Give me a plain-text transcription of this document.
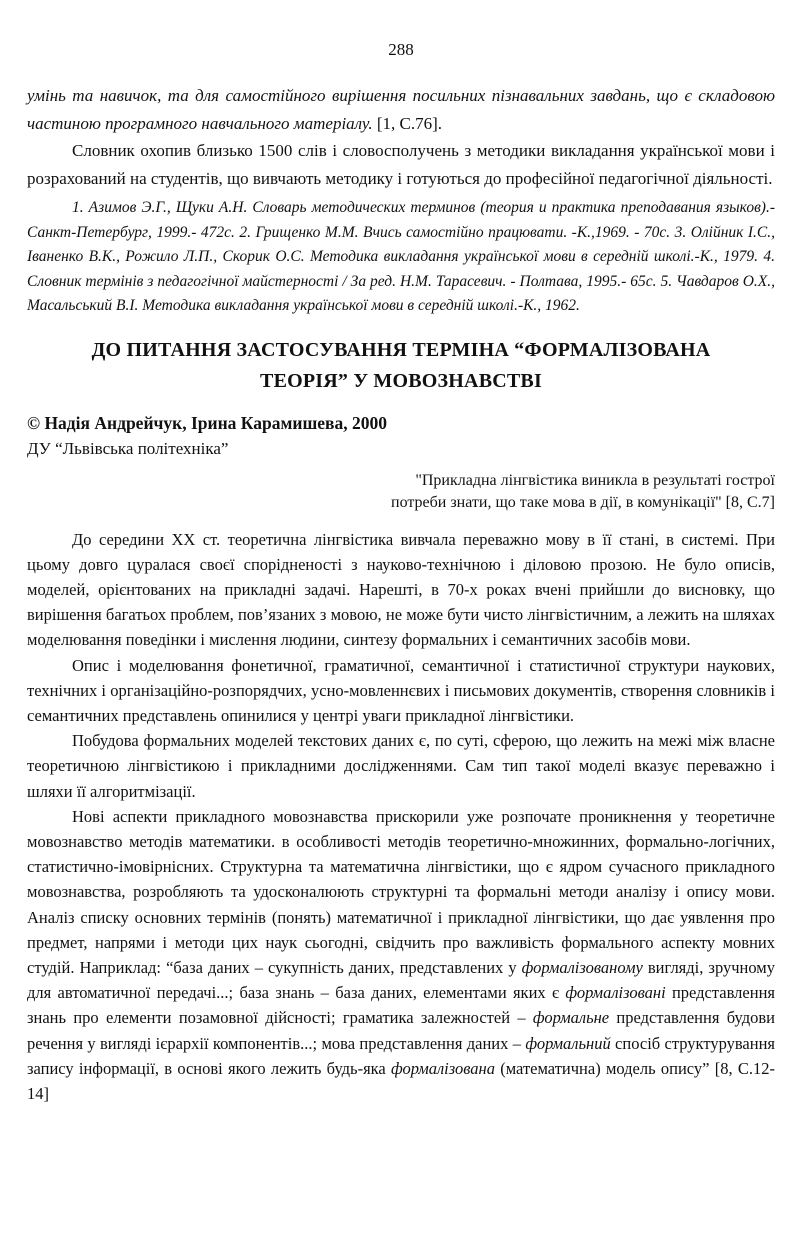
288
умінь та навичок, та для самостійного вирішення посильних пізнавальних завдань, що є складовою частиною програмного навчального матеріалу. [1, С.76].

Словник охопив близько 1500 слів і словосполучень з методики викладання української мови і розрахований на студентів, що вивчають методику і готуються до професійної педагогічної діяльності.

1. Азимов Э.Г., Щуки А.Н. Словарь методических терминов (теория и практика преподавания языков).- Санкт-Петербург, 1999.- 472с. 2. Грищенко М.М. Вчись самостійно працювати. -К.,1969. - 70с. 3. Олійник І.С., Іваненко В.К., Рожило Л.П., Скорик О.С. Методика викладання української мови в середній школі.-К., 1979. 4. Словник термінів з педагогічної майстерності / За ред. Н.М. Тарасевич. - Полтава, 1995.- 65с. 5. Чавдаров О.Х., Масальський В.І. Методика викладання української мови в середній школі.-К., 1962.
ДО ПИТАННЯ ЗАСТОСУВАННЯ ТЕРМІНА “ФОРМАЛІЗОВАНА
ТЕОРІЯ” У МОВОЗНАВСТВІ
© Надія Андрейчук, Ірина Карамишева, 2000
ДУ “Львівська політехніка”
"Прикладна лінгвістика виникла в результаті гострої потреби знати, що таке мова в дії, в комунікації" [8, С.7]

До середини ХХ ст. теоретична лінгвістика вивчала переважно мову в її стані, в системі. При цьому довго цуралася своєї спорідненості з науково-технічною і діловою прозою. Не було описів, моделей, орієнтованих на прикладні задачі. Нарешті, в 70-х роках вчені прийшли до висновку, що вирішення багатьох проблем, пов’язаних з мовою, не може бути чисто лінгвістичним, а лежить на шляхах моделювання поведінки і мислення людини, синтезу формальних і семантичних засобів мови.

Опис і моделювання фонетичної, граматичної, семантичної і статистичної структури наукових, технічних і організаційно-розпорядчих, усно-мовленнєвих і письмових документів, створення словників і семантичних представлень опинилися у центрі уваги прикладної лінгвістики.

Побудова формальних моделей текстових даних є, по суті, сферою, що лежить на межі між власне теоретичною лінгвістикою і прикладними дослідженнями. Сам тип такої моделі вказує переважно і шляхи її алгоритмізації.

Нові аспекти прикладного мовознавства прискорили уже розпочате проникнення у теоретичне мовознавство методів математики. в особливості методів теоретично-множинних, формально-логічних, статистично-імовірнісних. Структурна та математична лінгвістики, що є ядром сучасного прикладного мовознавства, розробляють та удосконалюють структурні та формальні методи аналізу і опису мови. Аналіз списку основних термінів (понять) математичної і прикладної лінгвістики, що дає уявлення про предмет, напрями і методи цих наук сьогодні, свідчить про важливість формального аспекту мовних студій. Наприклад: “база даних – сукупність даних, представлених у формалізованому вигляді, зручному для автоматичної передачі...; база знань – база даних, елементами яких є формалізовані представлення знань про елементи позамовної дійсності; граматика залежностей – формальне представлення будови речення у вигляді ієрархії компонентів...; мова представлення даних – формальний спосіб структурування запису інформації, в основі якого лежить будь-яка формалізована (математична) модель опису” [8, С.12-14]
